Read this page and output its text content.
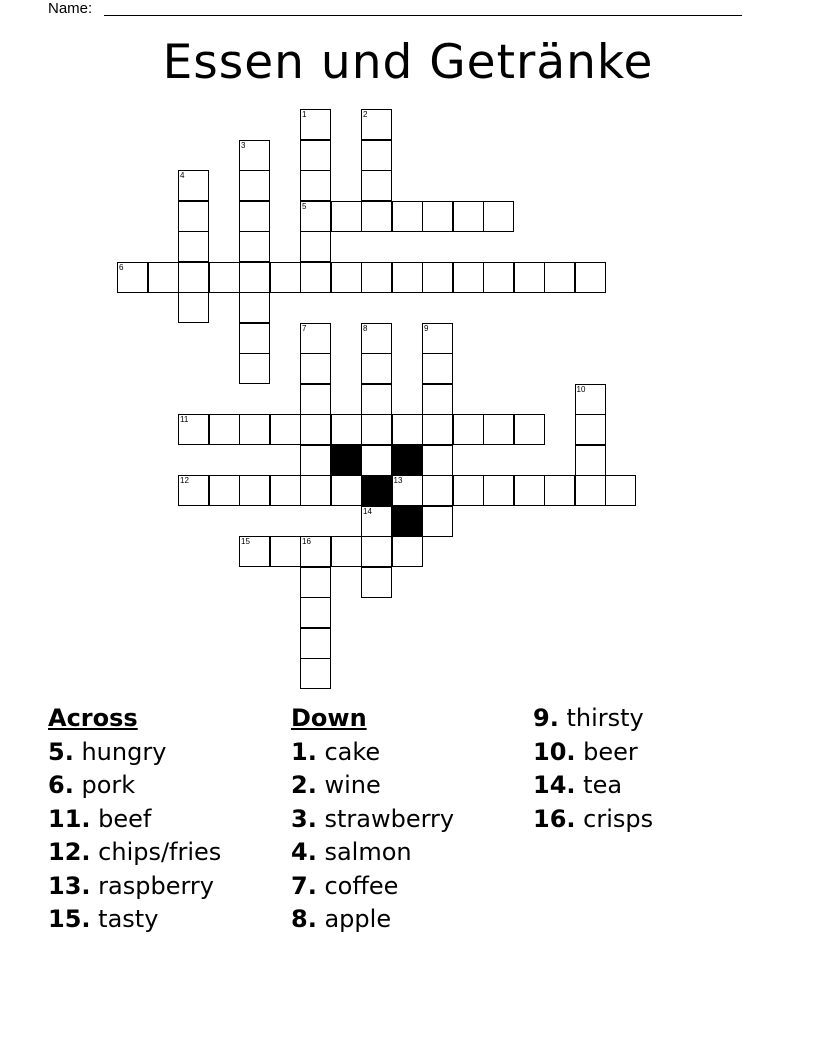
Name:
Essen und Getränke
1	2
3
4
5
6
7	8	9
10
11
12	13
14
15	16
Across
5. hungry
6. pork
11. beef
12. chips/fries
13. raspberry
15. tasty
Down
1. cake
2. wine
3. strawberry
4. salmon
7. coffee
8. apple
9. thirsty
10. beer
14. tea
16. crisps
